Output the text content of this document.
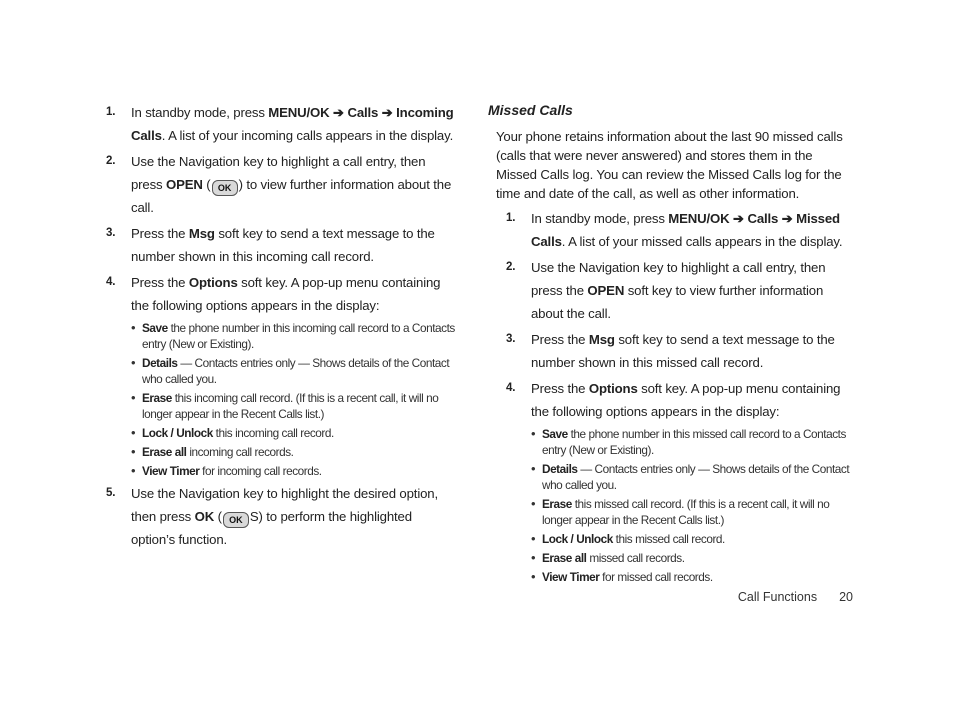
1.	In standby mode, press MENU/OK ➔ Calls ➔ Incoming Calls. A list of your incoming calls appears in the display.
2.	Use the Navigation key to highlight a call entry, then press OPEN ( OK ) to view further information about the call.
3.	Press the Msg soft key to send a text message to the number shown in this incoming call record.
4.	Press the Options soft key. A pop-up menu containing the following options appears in the display:
• Save the phone number in this incoming call record to a Contacts entry (New or Existing).
• Details — Contacts entries only — Shows details of the Contact who called you.
• Erase this incoming call record. (If this is a recent call, it will no longer appear in the Recent Calls list.)
• Lock / Unlock this incoming call record.
• Erase all incoming call records.
• View Timer for incoming call records.
5.	Use the Navigation key to highlight the desired option, then press OK ( OK S) to perform the highlighted option’s function.
Missed Calls

Your phone retains information about the last 90 missed calls (calls that were never answered) and stores them in the Missed Calls log. You can review the Missed Calls log for the time and date of the call, as well as other information.

1.	In standby mode, press MENU/OK ➔ Calls ➔ Missed Calls. A list of your missed calls appears in the display.
2.	Use the Navigation key to highlight a call entry, then press the OPEN soft key to view further information about the call.
3.	Press the Msg soft key to send a text message to the number shown in this missed call record.
4.	Press the Options soft key. A pop-up menu containing the following options appears in the display:
• Save the phone number in this missed call record to a Contacts entry (New or Existing).
• Details — Contacts entries only — Shows details of the Contact who called you.
• Erase this missed call record. (If this is a recent call, it will no longer appear in the Recent Calls list.)
• Lock / Unlock this missed call record.
• Erase all missed call records.
• View Timer for missed call records.
Call Functions 20
